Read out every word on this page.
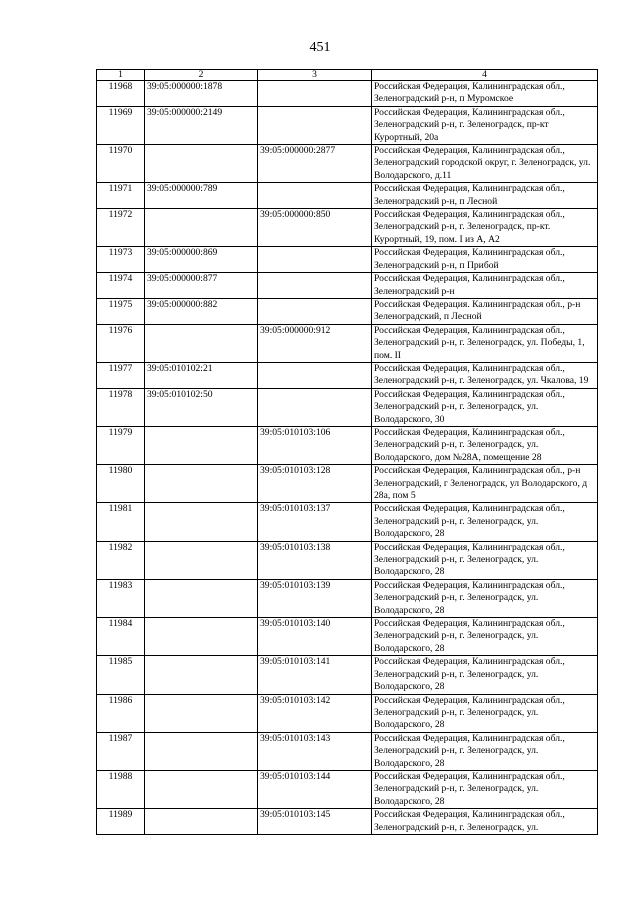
451
1	2	3	4
11968	39:05:000000:1878		Российская Федерация, Калининградская обл., Зеленоградский р-н, п Муромское
11969	39:05:000000:2149		Российская Федерация, Калининградская обл., Зеленоградский р-н, г. Зеленоградск, пр-кт Курортный, 20а
11970		39:05:000000:2877	Российская Федерация, Калининградская обл., Зеленоградский городской округ, г. Зеленоградск, ул. Володарского, д.11
11971	39:05:000000:789		Российская Федерация, Калининградская обл., Зеленоградский р-н, п Лесной
11972		39:05:000000:850	Российская Федерация, Калининградская обл., Зеленоградский р-н, г. Зеленоградск, пр-кт. Курортный, 19, пом. I из А, А2
11973	39:05:000000:869		Российская Федерация, Калининградская обл., Зеленоградский р-н, п Прибой
11974	39:05:000000:877		Российская Федерация, Калининградская обл., Зеленоградский р-н
11975	39:05:000000:882		Российская Федерация. Калининградская обл., р-н Зеленоградский, п Лесной
11976		39:05:000000:912	Российская Федерация, Калининградская обл., Зеленоградский р-н, г. Зеленоградск, ул. Победы, 1, пом. II
11977	39:05:010102:21		Российская Федерация, Калининградская обл., Зеленоградский р-н, г. Зеленоградск, ул. Чкалова, 19
11978	39:05:010102:50		Российская Федерация, Калининградская обл., Зеленоградский р-н, г. Зеленоградск, ул. Володарского, 30
11979		39:05:010103:106	Российская Федерация, Калининградская обл., Зеленоградский р-н, г. Зеленоградск, ул. Володарского, дом №28А, помещение 28
11980		39:05:010103:128	Российская Федерация, Калининградская обл., р-н Зеленоградский, г Зеленоградск, ул Володарского, д 28а, пом 5
11981		39:05:010103:137	Российская Федерация, Калининградская обл., Зеленоградский р-н, г. Зеленоградск, ул. Володарского, 28
11982		39:05:010103:138	Российская Федерация, Калининградская обл., Зеленоградский р-н, г. Зеленоградск, ул. Володарского, 28
11983		39:05:010103:139	Российская Федерация, Калининградская обл., Зеленоградский р-н, г. Зеленоградск, ул. Володарского, 28
11984		39:05:010103:140	Российская Федерация, Калининградская обл., Зеленоградский р-н, г. Зеленоградск, ул. Володарского, 28
11985		39:05:010103:141	Российская Федерация, Калининградская обл., Зеленоградский р-н, г. Зеленоградск, ул. Володарского, 28
11986		39:05:010103:142	Российская Федерация, Калининградская обл., Зеленоградский р-н, г. Зеленоградск, ул. Володарского, 28
11987		39:05:010103:143	Российская Федерация, Калининградская обл., Зеленоградский р-н, г. Зеленоградск, ул. Володарского, 28
11988		39:05:010103:144	Российская Федерация, Калининградская обл., Зеленоградский р-н, г. Зеленоградск, ул. Володарского, 28
11989		39:05:010103:145	Российская Федерация, Калининградская обл., Зеленоградский р-н, г. Зеленоградск, ул.
